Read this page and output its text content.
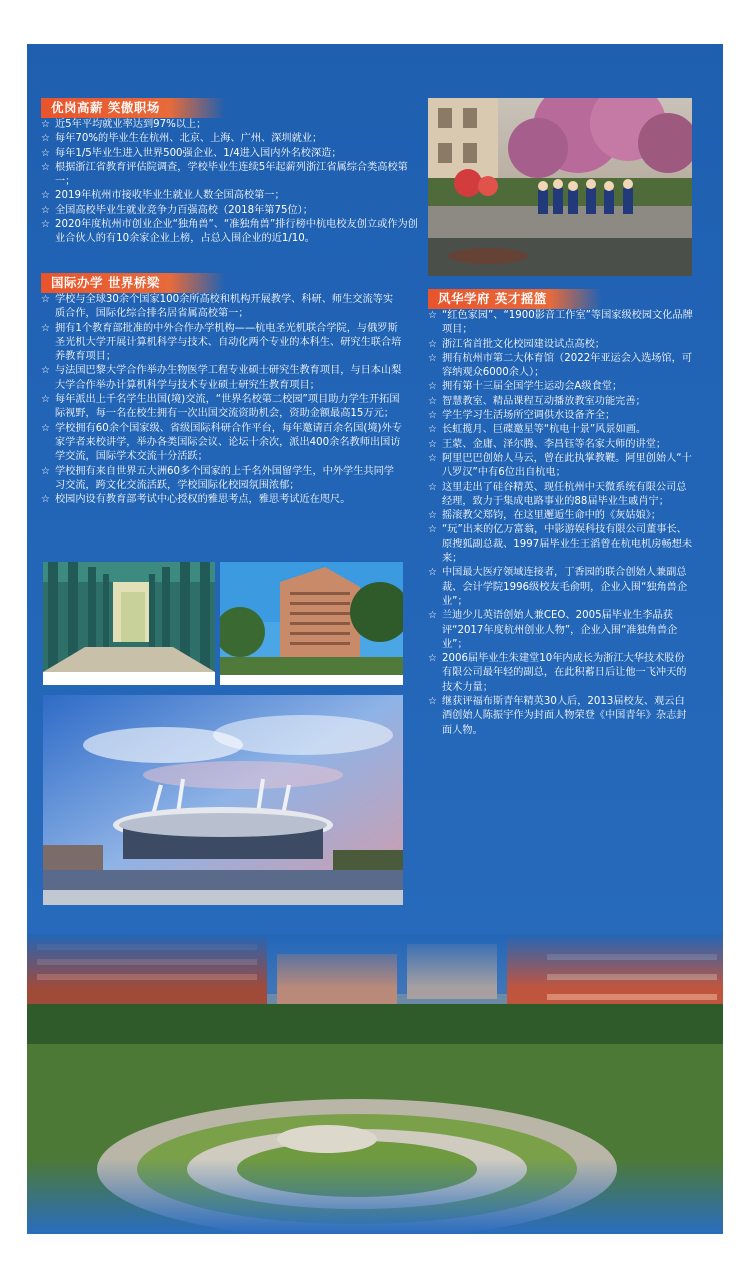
优岗高薪 笑傲职场
☆ 近5年平均就业率达到97%以上；
☆ 每年70%的毕业生在杭州、北京、上海、广州、深圳就业；
☆ 每年1/5毕业生进入世界500强企业、1/4进入国内外名校深造；
☆ 根据浙江省教育评估院调查，学校毕业生连续5年起薪列浙江省属综合类高校第一；
☆ 2019年杭州市接收毕业生就业人数全国高校第一；
☆ 全国高校毕业生就业竞争力百强高校（2018年第75位）；
☆ 2020年度杭州市创业企业“独角兽”、“准独角兽”排行榜中杭电校友创立或作为创业合伙人的有10余家企业上榜，占总入围企业的近1/10。
国际办学 世界桥梁
☆ 学校与全球30余个国家100余所高校和机构开展教学、科研、师生交流等实质合作，国际化综合排名居省属高校第一；
☆ 拥有1个教育部批准的中外合作办学机构——杭电圣光机联合学院，与俄罗斯圣光机大学开展计算机科学与技术、自动化两个专业的本科生、研究生联合培养教育项目；
☆ 与法国巴黎大学合作举办生物医学工程专业硕士研究生教育项目，与日本山梨大学合作举办计算机科学与技术专业硕士研究生教育项目；
☆ 每年派出上千名学生出国(境)交流，“世界名校第二校园”项目助力学生开拓国际视野，每一名在校生拥有一次出国交流资助机会，资助金额最高15万元；
☆ 学校拥有60余个国家级、省级国际科研合作平台，每年邀请百余名国(境)外专家学者来校讲学，举办各类国际会议、论坛十余次，派出400余名教师出国访学交流，国际学术交流十分活跃；
☆ 学校拥有来自世界五大洲60多个国家的上千名外国留学生，中外学生共同学习交流，跨文化交流活跃，学校国际化校园氛围浓郁；
☆ 校园内设有教育部考试中心授权的雅思考点，雅思考试近在咫尺。
风华学府 英才摇篮
☆ “红色家园”、“1900影音工作室”等国家级校园文化品牌项目；
☆ 浙江省首批文化校园建设试点高校；
☆ 拥有杭州市第二大体育馆（2022年亚运会入选场馆，可容纳观众6000余人）；
☆ 拥有第十三届全国学生运动会A级食堂；
☆ 智慧教室、精品课程互动播放教室功能完善；
☆ 学生学习生活场所空调供水设备齐全；
☆ 长虹揽月、巨碟邀星等“杭电十景”风景如画。
☆ 王蒙、金庸、泽尔腾、李昌钰等名家大师的讲堂；
☆ 阿里巴巴创始人马云，曾在此执掌教鞭。阿里创始人“十八罗汉”中有6位出自杭电；
☆ 这里走出了硅谷精英、现任杭州中天微系统有限公司总经理，致力于集成电路事业的88届毕业生戚肖宁；
☆ 摇滚教父郑钧，在这里邂逅生命中的《灰姑娘》；
☆ “玩”出来的亿万富翁，中影游娱科技有限公司董事长、原搜狐副总裁、1997届毕业生王滔曾在杭电机房畅想未来；
☆ 中国最大医疗领域连接者，丁香园的联合创始人兼副总裁、会计学院1996级校友毛俞明，企业入围“独角兽企业”；
☆ 兰迪少儿英语创始人兼CEO、2005届毕业生李晶获评“2017年度杭州创业人物”，企业入围“准独角兽企业”；
☆ 2006届毕业生朱建堂10年内成长为浙江大华技术股份有限公司最年轻的副总，在此积蓄日后让他一飞冲天的技术力量；
☆ 继获评福布斯青年精英30人后，2013届校友、观云白酒创始人陈振宇作为封面人物荣登《中国青年》杂志封面人物。
